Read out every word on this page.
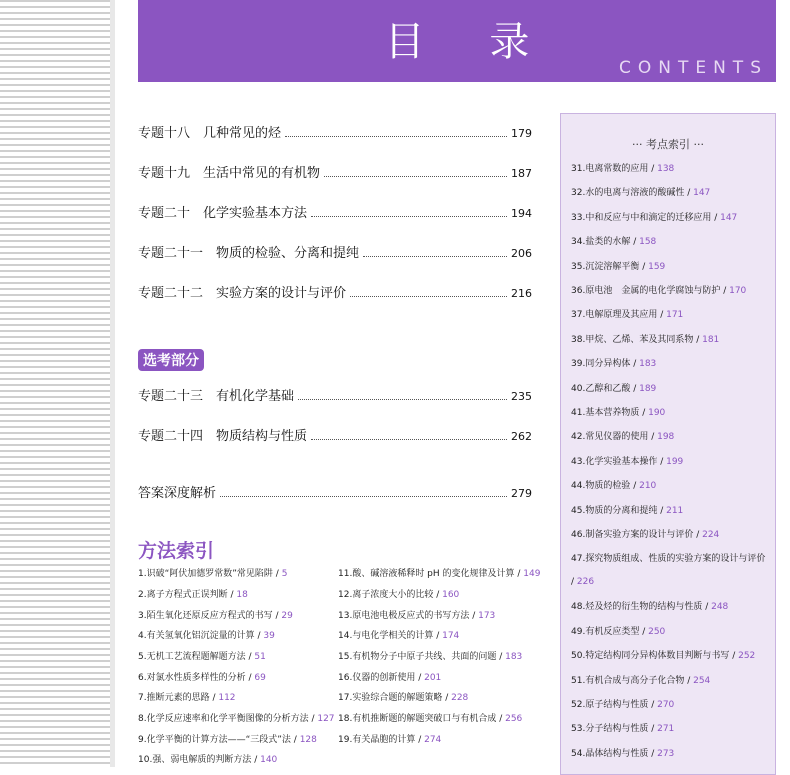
目 录
CONTENTS
专题十八　几种常见的烃	179
专题十九　生活中常见的有机物	187
专题二十　化学实验基本方法	194
专题二十一　物质的检验、分离和提纯	206
专题二十二　实验方案的设计与评价	216
选考部分
专题二十三　有机化学基础	235
专题二十四　物质结构与性质	262
答案深度解析	279
方法索引
1.识破“阿伏加德罗常数”常见陷阱 / 5
2.离子方程式正误判断 / 18
3.陌生氧化还原反应方程式的书写 / 29
4.有关氢氧化铝沉淀量的计算 / 39
5.无机工艺流程题解题方法 / 51
6.对氯水性质多样性的分析 / 69
7.推断元素的思路 / 112
8.化学反应速率和化学平衡图像的分析方法 / 127
9.化学平衡的计算方法——“三段式”法 / 128
10.强、弱电解质的判断方法 / 140
11.酸、碱溶液稀释时 pH 的变化规律及计算 / 149
12.离子浓度大小的比较 / 160
13.原电池电极反应式的书写方法 / 173
14.与电化学相关的计算 / 174
15.有机物分子中原子共线、共面的问题 / 183
16.仪器的创新使用 / 201
17.实验综合题的解题策略 / 228
18.有机推断题的解题突破口与有机合成 / 256
19.有关晶胞的计算 / 274
··· 考点索引 ···
31.电离常数的应用 / 138
32.水的电离与溶液的酸碱性 / 147
33.中和反应与中和滴定的迁移应用 / 147
34.盐类的水解 / 158
35.沉淀溶解平衡 / 159
36.原电池　金属的电化学腐蚀与防护 / 170
37.电解原理及其应用 / 171
38.甲烷、乙烯、苯及其同系物 / 181
39.同分异构体 / 183
40.乙醇和乙酸 / 189
41.基本营养物质 / 190
42.常见仪器的使用 / 198
43.化学实验基本操作 / 199
44.物质的检验 / 210
45.物质的分离和提纯 / 211
46.制备实验方案的设计与评价 / 224
47.探究物质组成、性质的实验方案的设计与评价 / 226
48.烃及烃的衍生物的结构与性质 / 248
49.有机反应类型 / 250
50.特定结构同分异构体数目判断与书写 / 252
51.有机合成与高分子化合物 / 254
52.原子结构与性质 / 270
53.分子结构与性质 / 271
54.晶体结构与性质 / 273
